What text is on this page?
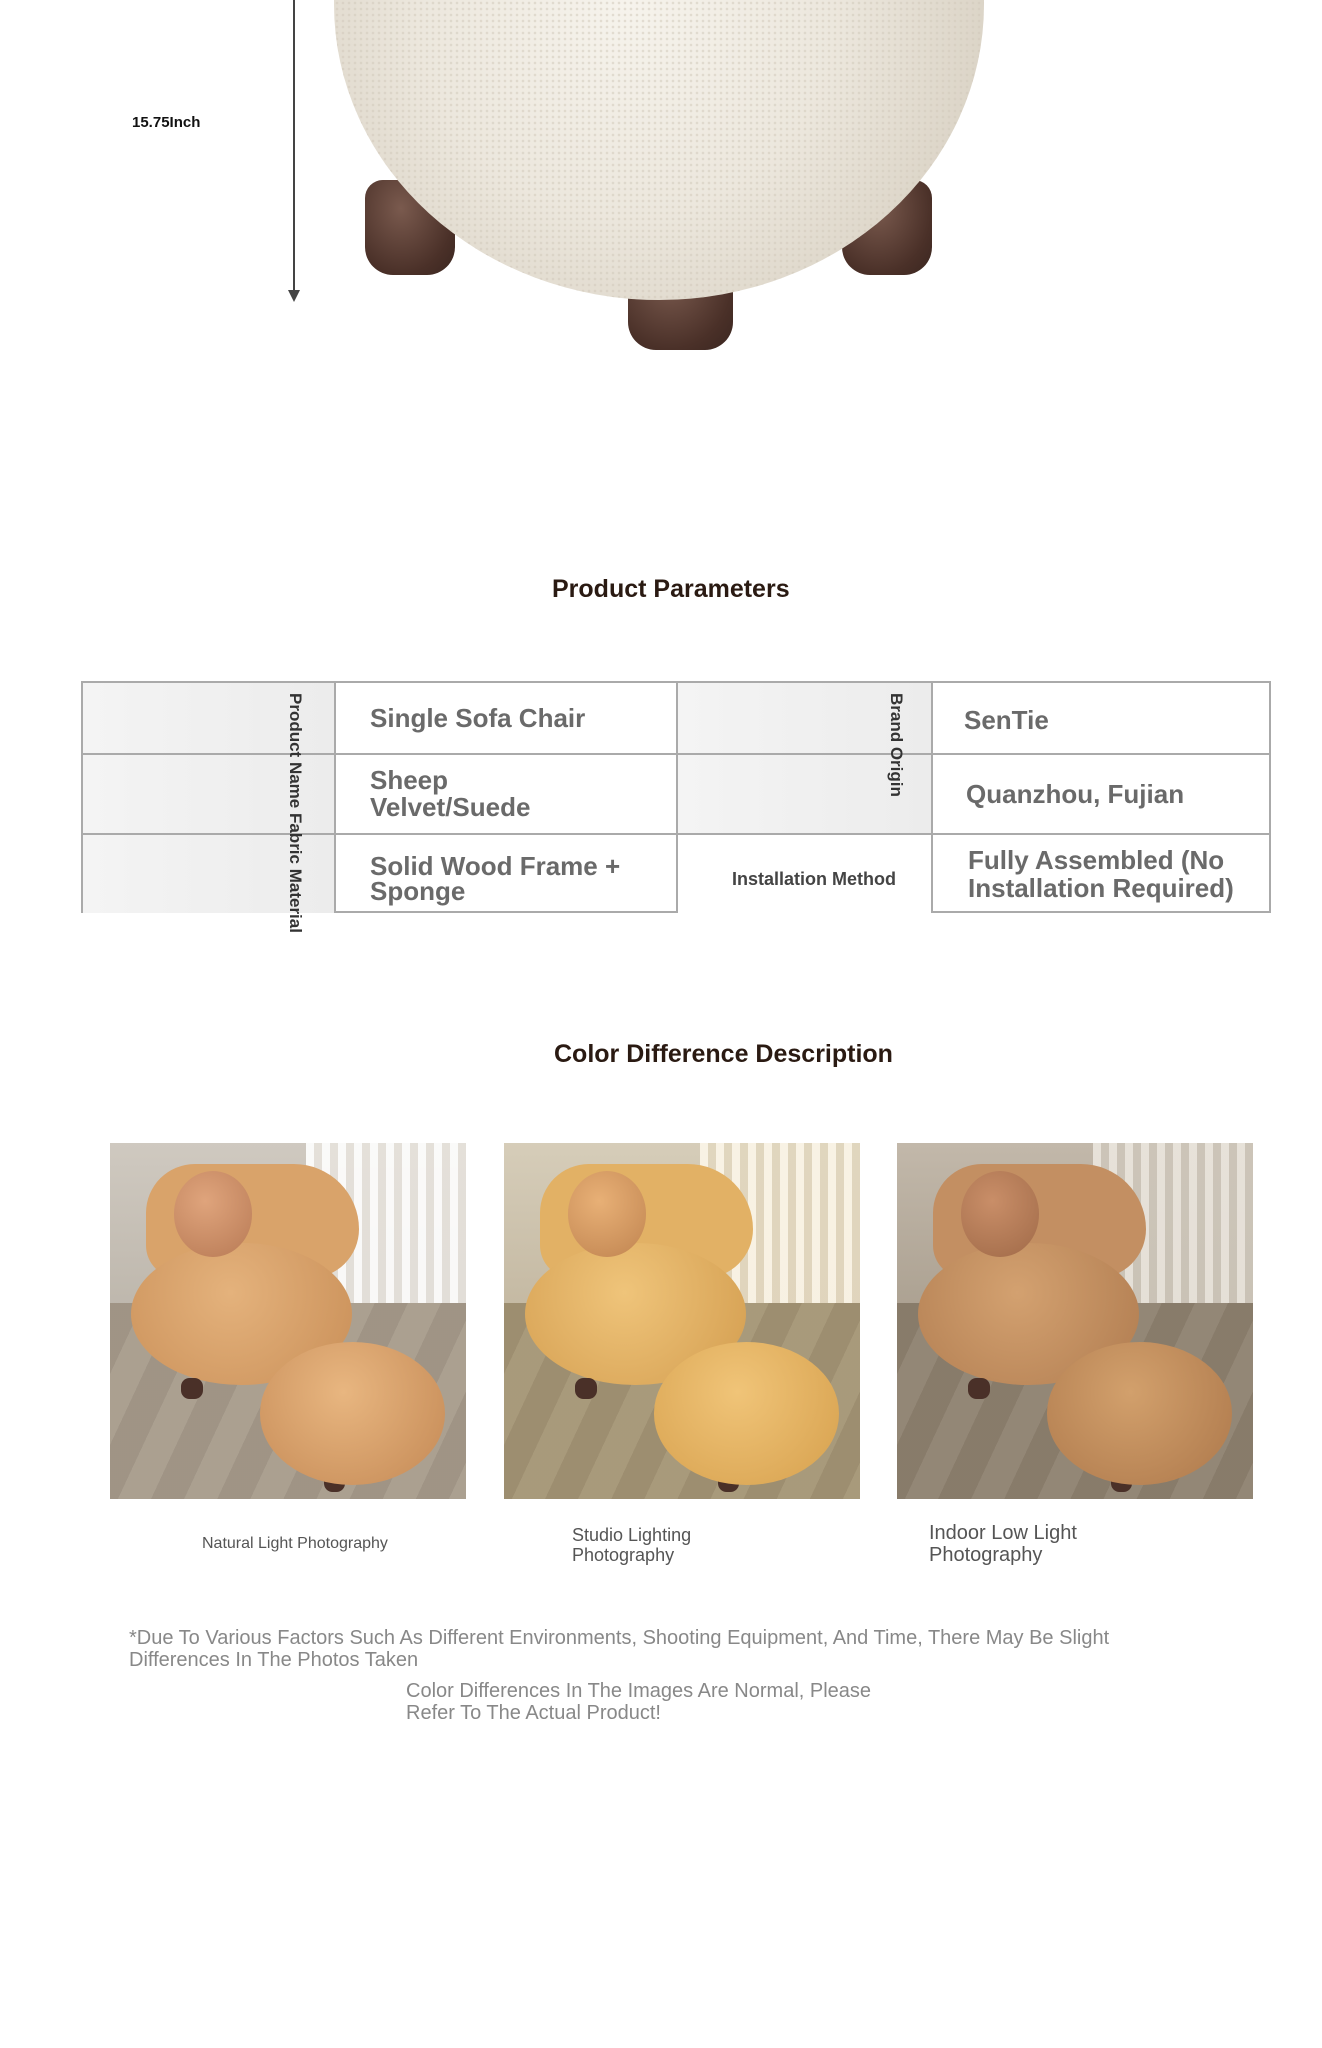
15.75Inch
Product Parameters
Product Name Fabric Material	Brand Origin
Installation Method
Single Sofa Chair
Sheep
Velvet/Suede
Solid Wood Frame +
Sponge
SenTie
Quanzhou, Fujian
Fully Assembled (No
Installation Required)
Color Difference Description
Natural Light Photography	Studio Lighting
Photography
Indoor Low Light
Photography
*Due To Various Factors Such As Different Environments, Shooting Equipment, And Time, There May Be Slight
Differences In The Photos Taken
Color Differences In The Images Are Normal, Please
Refer To The Actual Product!
